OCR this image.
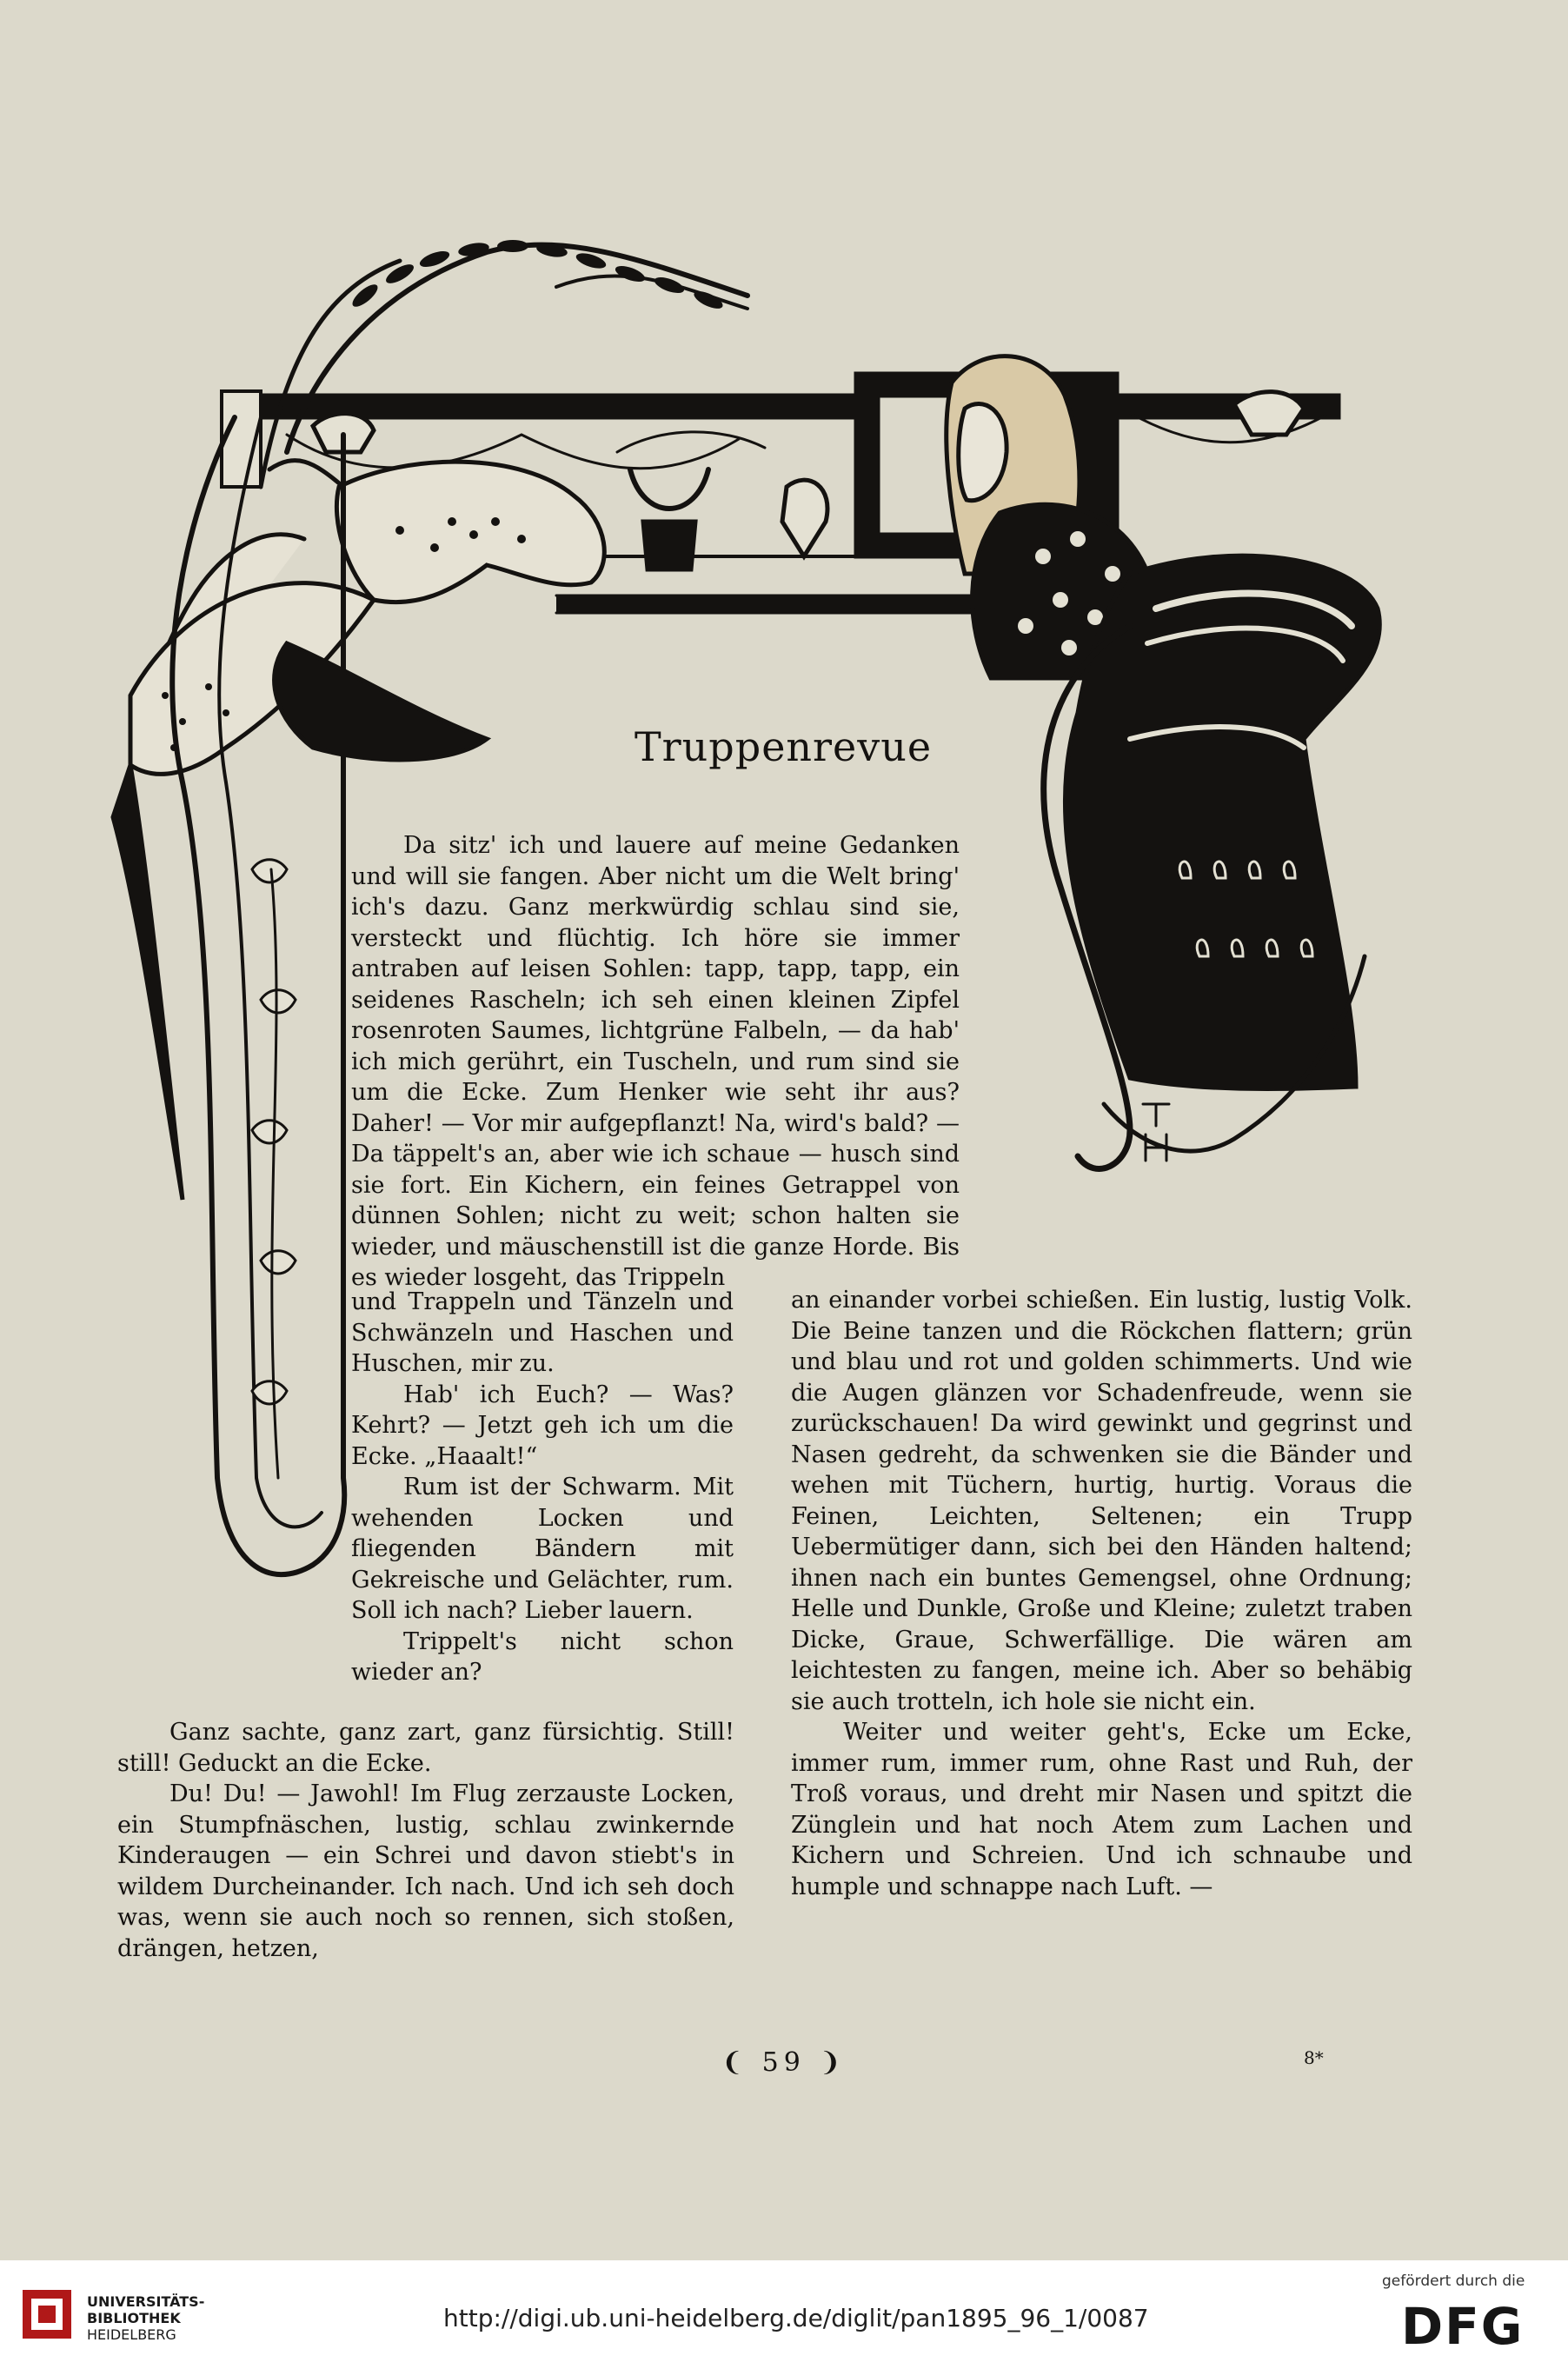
Truppenrevue

Da sitz' ich und lauere auf meine Gedanken und will sie fangen. Aber nicht um die Welt bring' ich's dazu. Ganz merkwürdig schlau sind sie, versteckt und flüchtig. Ich höre sie immer antraben auf leisen Sohlen: tapp, tapp, tapp, ein seidenes Rascheln; ich seh einen kleinen Zipfel rosenroten Saumes, lichtgrüne Falbeln, — da hab' ich mich gerührt, ein Tuscheln, und rum sind sie um die Ecke. Zum Henker wie seht ihr aus? Daher! — Vor mir aufgepflanzt! Na, wird's bald? — Da täppelt's an, aber wie ich schaue — husch sind sie fort. Ein Kichern, ein feines Getrappel von dünnen Sohlen; nicht zu weit; schon halten sie wieder, und mäuschenstill ist die ganze Horde. Bis es wieder losgeht, das Trippeln

und Trappeln und Tänzeln und Schwänzeln und Haschen und Huschen, mir zu.

Hab' ich Euch? — Was? Kehrt? — Jetzt geh ich um die Ecke. „Haaalt!“

Rum ist der Schwarm. Mit wehenden Locken und fliegenden Bändern mit Gekreische und Gelächter, rum. Soll ich nach? Lieber lauern.

Trippelt's nicht schon wieder an?

Ganz sachte, ganz zart, ganz fürsichtig. Still! still! Geduckt an die Ecke.

Du! Du! — Jawohl! Im Flug zerzauste Locken, ein Stumpfnäschen, lustig, schlau zwinkernde Kinderaugen — ein Schrei und davon stiebt's in wildem Durcheinander. Ich nach. Und ich seh doch was, wenn sie auch noch so rennen, sich stoßen, drängen, hetzen,

an einander vorbei schießen. Ein lustig, lustig Volk. Die Beine tanzen und die Röckchen flattern; grün und blau und rot und golden schimmerts. Und wie die Augen glänzen vor Schadenfreude, wenn sie zurückschauen! Da wird gewinkt und gegrinst und Nasen gedreht, da schwenken sie die Bänder und wehen mit Tüchern, hurtig, hurtig. Voraus die Feinen, Leichten, Seltenen; ein Trupp Uebermütiger dann, sich bei den Händen haltend; ihnen nach ein buntes Gemengsel, ohne Ordnung; Helle und Dunkle, Große und Kleine; zuletzt traben Dicke, Graue, Schwerfällige. Die wären am leichtesten zu fangen, meine ich. Aber so behäbig sie auch trotteln, ich hole sie nicht ein.

Weiter und weiter geht's, Ecke um Ecke, immer rum, immer rum, ohne Rast und Ruh, der Troß voraus, und dreht mir Nasen und spitzt die Zünglein und hat noch Atem zum Lachen und Kichern und Schreien. Und ich schnaube und humple und schnappe nach Luft. —

❨ 59 ❩	8*
UNIVERSITÄTS-
BIBLIOTHEK
HEIDELBERG
http://digi.ub.uni-heidelberg.de/diglit/pan1895_96_1/0087
gefördert durch die
DFG
